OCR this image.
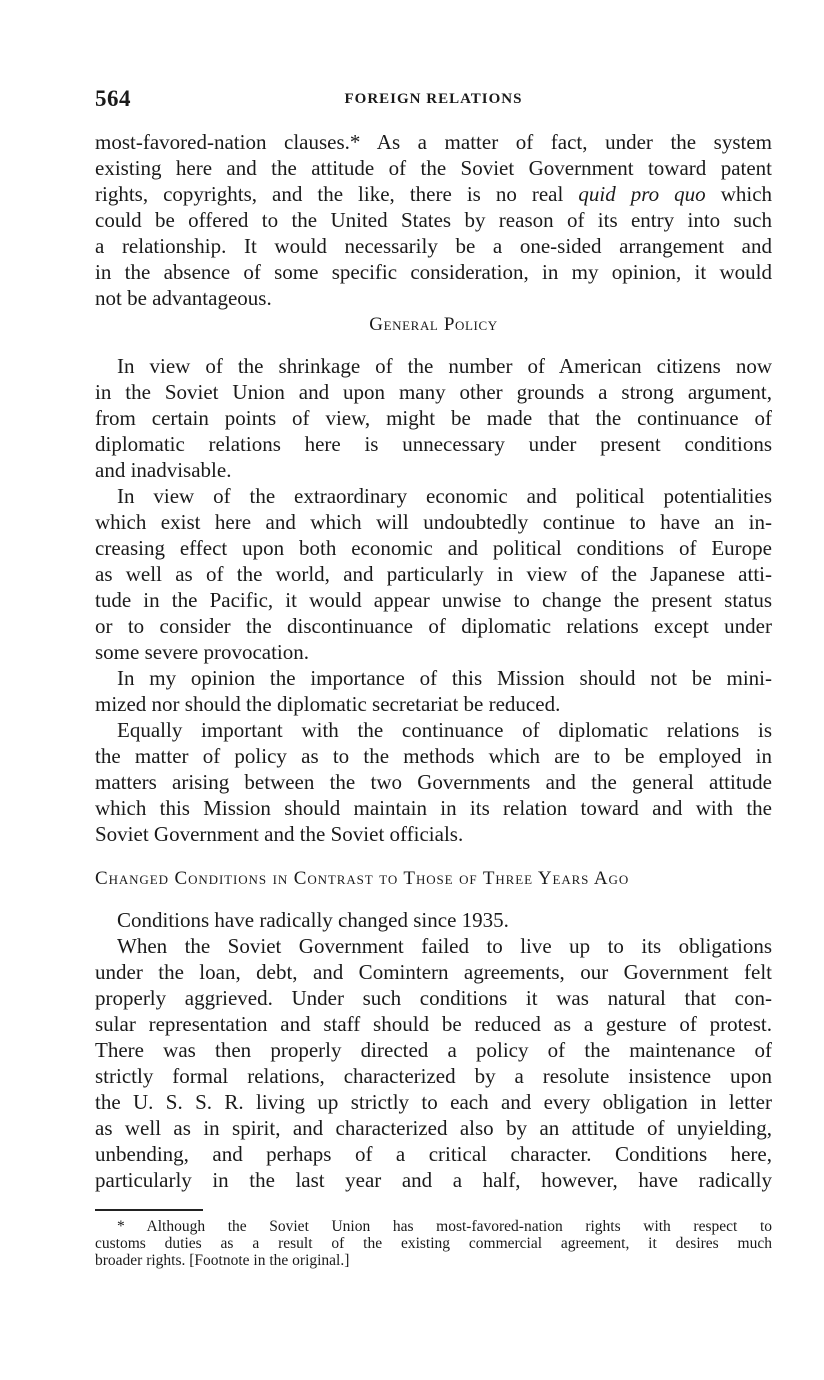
564	FOREIGN RELATIONS
most-favored-nation clauses.* As a matter of fact, under the system
existing here and the attitude of the Soviet Government toward patent
rights, copyrights, and the like, there is no real quid pro quo which
could be offered to the United States by reason of its entry into such
a relationship. It would necessarily be a one-sided arrangement and
in the absence of some specific consideration, in my opinion, it would
not be advantageous.
General Policy
In view of the shrinkage of the number of American citizens now
in the Soviet Union and upon many other grounds a strong argument,
from certain points of view, might be made that the continuance of
diplomatic relations here is unnecessary under present conditions
and inadvisable.
In view of the extraordinary economic and political potentialities
which exist here and which will undoubtedly continue to have an in-
creasing effect upon both economic and political conditions of Europe
as well as of the world, and particularly in view of the Japanese atti-
tude in the Pacific, it would appear unwise to change the present status
or to consider the discontinuance of diplomatic relations except under
some severe provocation.
In my opinion the importance of this Mission should not be mini-
mized nor should the diplomatic secretariat be reduced.
Equally important with the continuance of diplomatic relations is
the matter of policy as to the methods which are to be employed in
matters arising between the two Governments and the general attitude
which this Mission should maintain in its relation toward and with the
Soviet Government and the Soviet officials.
Changed Conditions in Contrast to Those of Three Years Ago
Conditions have radically changed since 1935.
When the Soviet Government failed to live up to its obligations
under the loan, debt, and Comintern agreements, our Government felt
properly aggrieved. Under such conditions it was natural that con-
sular representation and staff should be reduced as a gesture of protest.
There was then properly directed a policy of the maintenance of
strictly formal relations, characterized by a resolute insistence upon
the U. S. S. R. living up strictly to each and every obligation in letter
as well as in spirit, and characterized also by an attitude of unyielding,
unbending, and perhaps of a critical character. Conditions here,
particularly in the last year and a half, however, have radically
* Although the Soviet Union has most-favored-nation rights with respect to
customs duties as a result of the existing commercial agreement, it desires much
broader rights. [Footnote in the original.]
